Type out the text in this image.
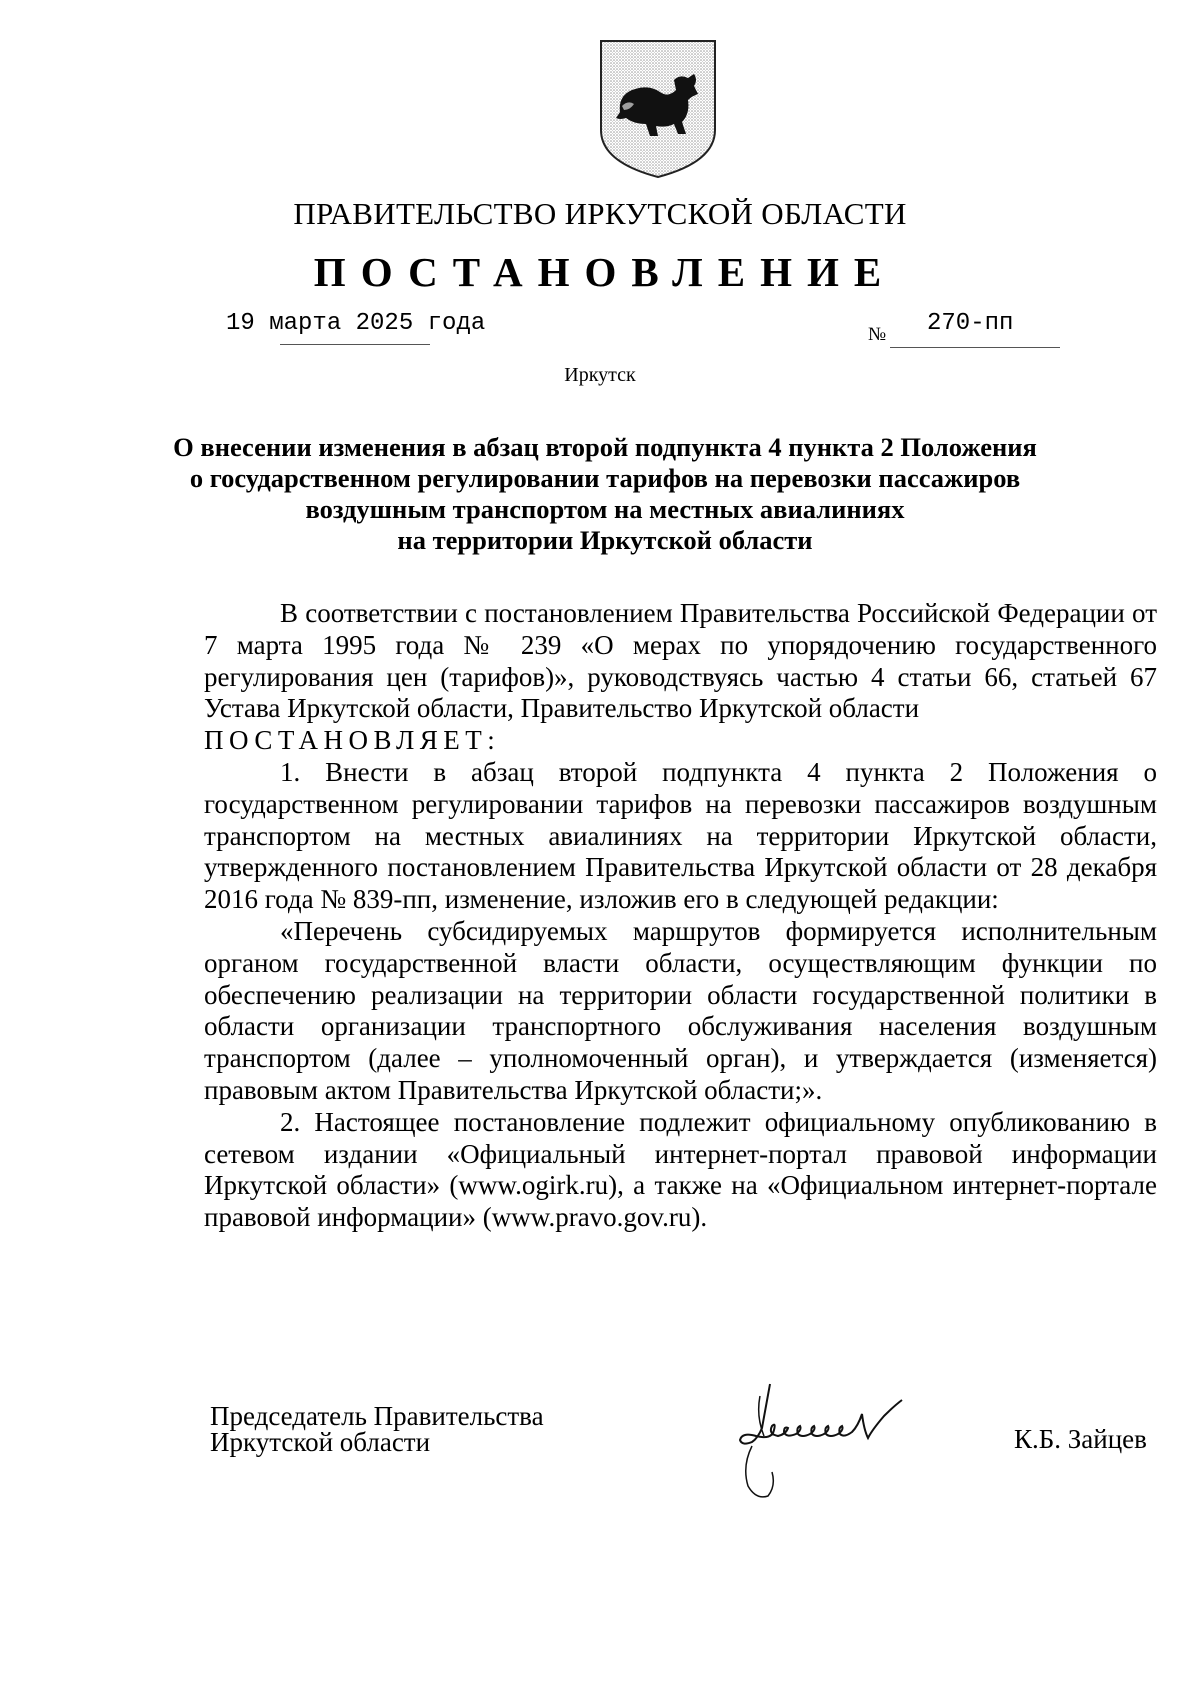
ПРАВИТЕЛЬСТВО ИРКУТСКОЙ ОБЛАСТИ
ПОСТАНОВЛЕНИЕ
19 марта 2025 года	№ 270-пп
Иркутск
О внесении изменения в абзац второй подпункта 4 пункта 2 Положения
о государственном регулировании тарифов на перевозки пассажиров
воздушным транспортом на местных авиалиниях
на территории Иркутской области

В соответствии с постановлением Правительства Российской Федерации от 7 марта 1995 года № 239 «О мерах по упорядочению государственного регулирования цен (тарифов)», руководствуясь частью 4 статьи 66, статьей 67 Устава Иркутской области, Правительство Иркутской области

ПОСТАНОВЛЯЕТ:

1. Внести в абзац второй подпункта 4 пункта 2 Положения о государственном регулировании тарифов на перевозки пассажиров воздушным транспортом на местных авиалиниях на территории Иркутской области, утвержденного постановлением Правительства Иркутской области от 28 декабря 2016 года № 839-пп, изменение, изложив его в следующей редакции:

«Перечень субсидируемых маршрутов формируется исполнительным органом государственной власти области, осуществляющим функции по обеспечению реализации на территории области государственной политики в области организации транспортного обслуживания населения воздушным транспортом (далее – уполномоченный орган), и утверждается (изменяется) правовым актом Правительства Иркутской области;».

2. Настоящее постановление подлежит официальному опубликованию в сетевом издании «Официальный интернет-портал правовой информации Иркутской области» (www.ogirk.ru), а также на «Официальном интернет-портале правовой информации» (www.pravo.gov.ru).

Председатель Правительства
Иркутской области	К.Б. Зайцев
